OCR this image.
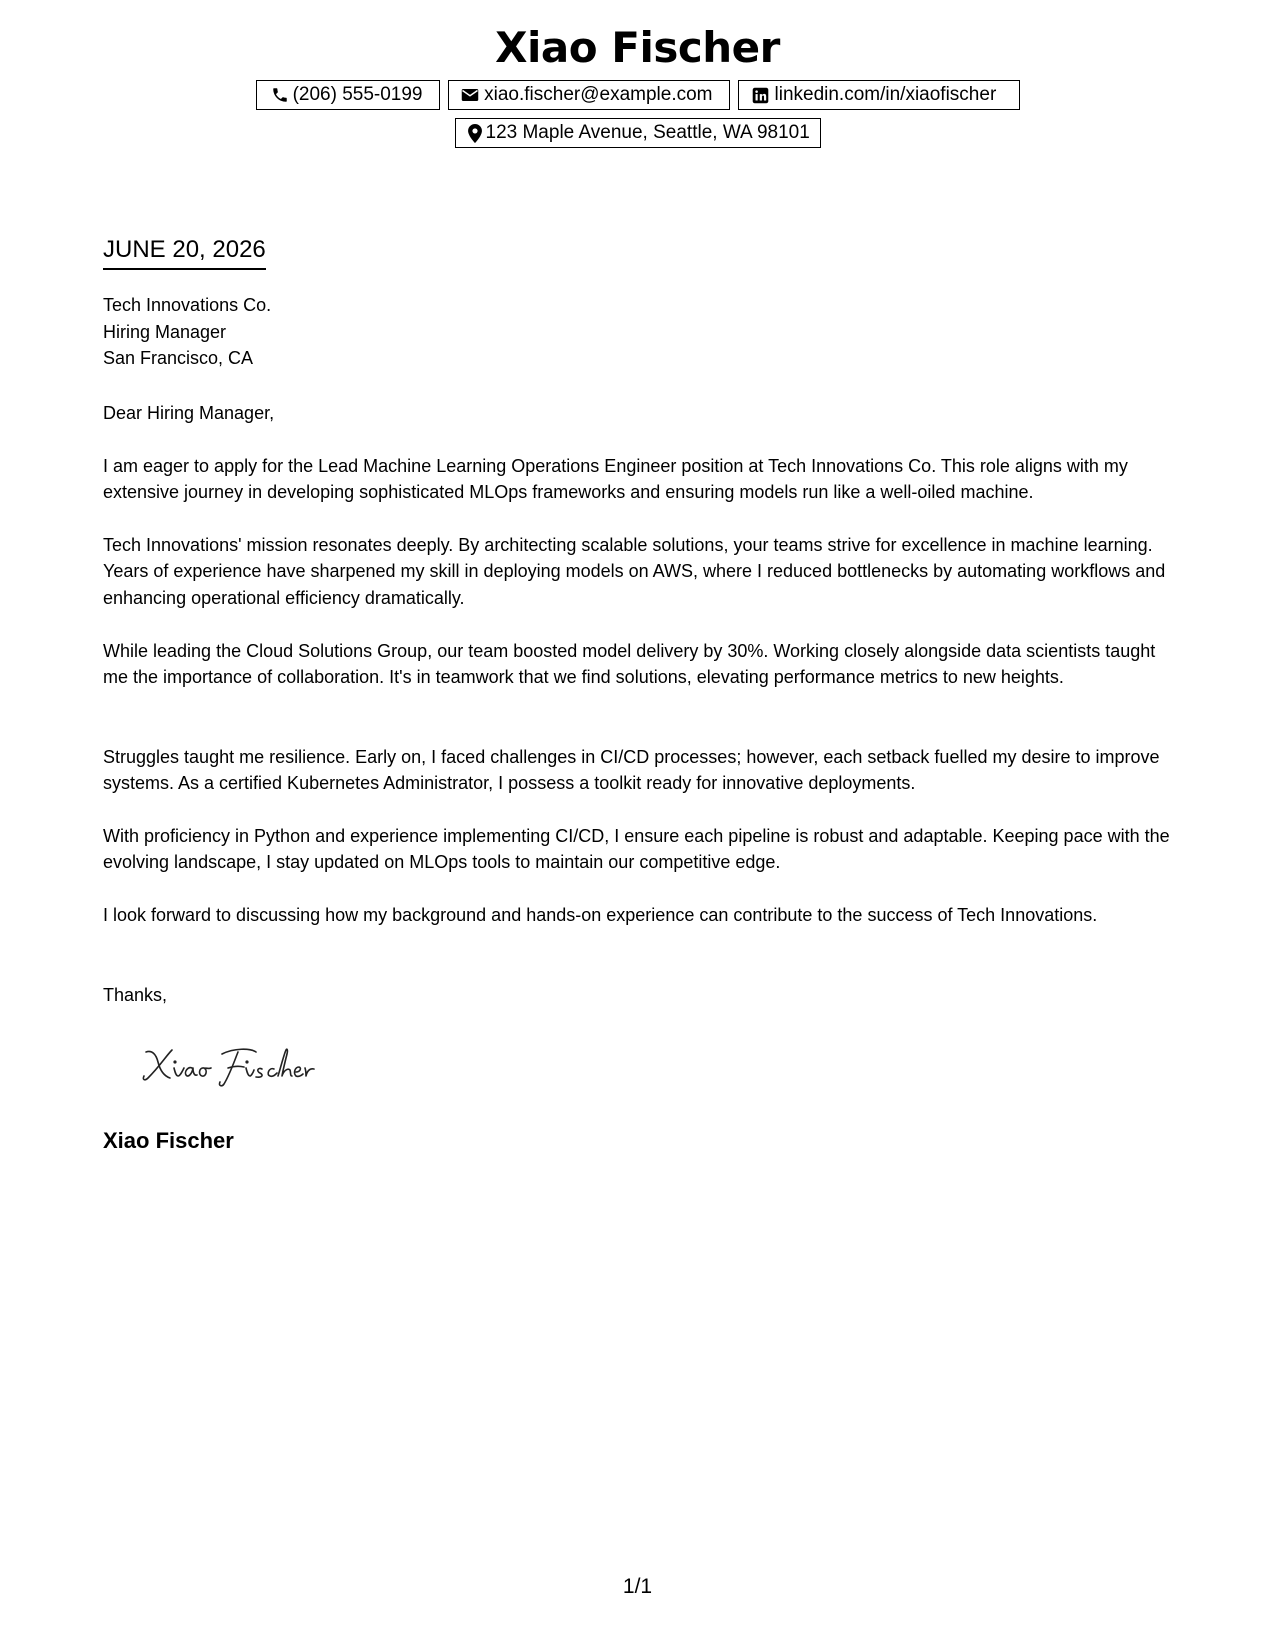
Xiao Fischer
(206) 555-0199	xiao.fischer@example.com	linkedin.com/in/xiaofischer
123 Maple Avenue, Seattle, WA 98101
JUNE 20, 2026
Tech Innovations Co.
Hiring Manager
San Francisco, CA
Dear Hiring Manager,
I am eager to apply for the Lead Machine Learning Operations Engineer position at Tech Innovations Co. This role aligns with my extensive journey in developing sophisticated MLOps frameworks and ensuring models run like a well-oiled machine.
Tech Innovations' mission resonates deeply. By architecting scalable solutions, your teams strive for excellence in machine learning. Years of experience have sharpened my skill in deploying models on AWS, where I reduced bottlenecks by automating workflows and enhancing operational efficiency dramatically.
While leading the Cloud Solutions Group, our team boosted model delivery by 30%. Working closely alongside data scientists taught me the importance of collaboration. It's in teamwork that we find solutions, elevating performance metrics to new heights.
Struggles taught me resilience. Early on, I faced challenges in CI/CD processes; however, each setback fuelled my desire to improve systems. As a certified Kubernetes Administrator, I possess a toolkit ready for innovative deployments.
With proficiency in Python and experience implementing CI/CD, I ensure each pipeline is robust and adaptable. Keeping pace with the evolving landscape, I stay updated on MLOps tools to maintain our competitive edge.
I look forward to discussing how my background and hands-on experience can contribute to the success of Tech Innovations.
Thanks,
Xiao Fischer
1/1
